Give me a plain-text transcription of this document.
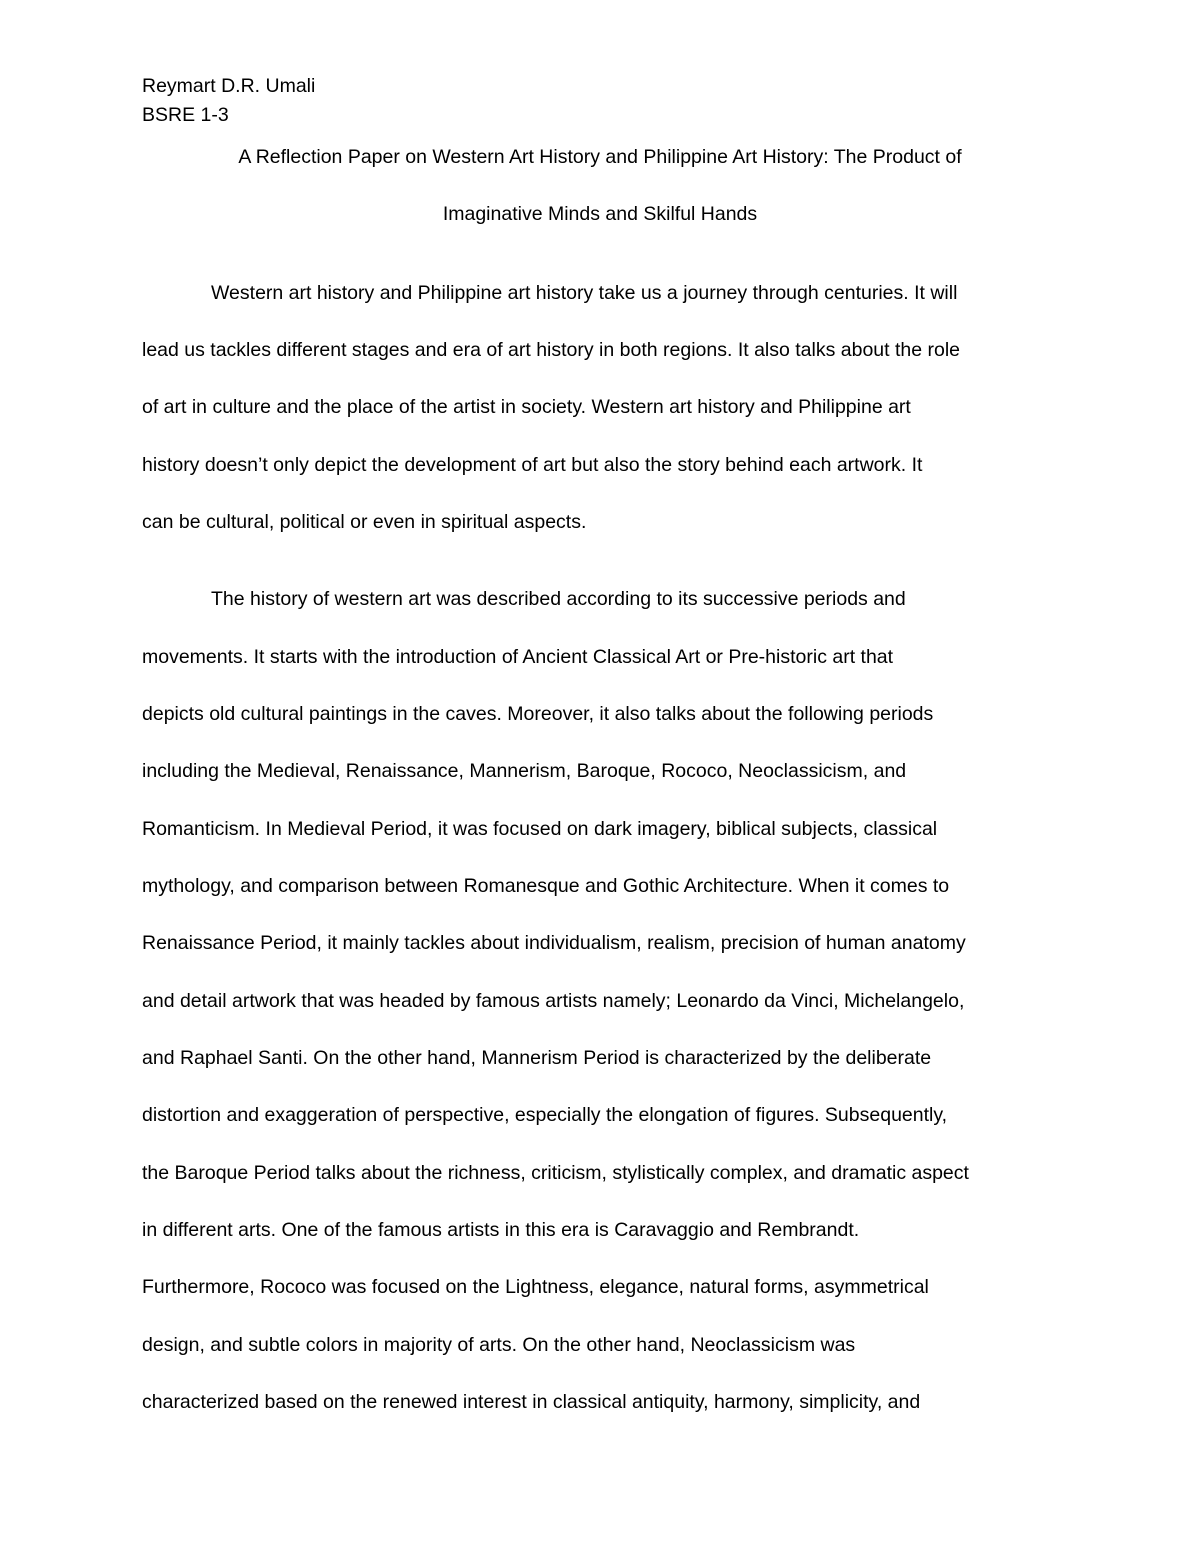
Reymart D.R. Umali
BSRE 1-3
A Reflection Paper on Western Art History and Philippine Art History: The Product of
Imaginative Minds and Skilful Hands
Western art history and Philippine art history take us a journey through centuries. It will
lead us tackles different stages and era of art history in both regions. It also talks about the role
of art in culture and the place of the artist in society. Western art history and Philippine art
history doesn’t only depict the development of art but also the story behind each artwork. It
can be cultural, political or even in spiritual aspects.
The history of western art was described according to its successive periods and
movements. It starts with the introduction of Ancient Classical Art or Pre-historic art that
depicts old cultural paintings in the caves. Moreover, it also talks about the following periods
including the Medieval, Renaissance, Mannerism, Baroque, Rococo, Neoclassicism, and
Romanticism. In Medieval Period, it was focused on dark imagery, biblical subjects, classical
mythology, and comparison between Romanesque and Gothic Architecture. When it comes to
Renaissance Period, it mainly tackles about individualism, realism, precision of human anatomy
and detail artwork that was headed by famous artists namely; Leonardo da Vinci, Michelangelo,
and Raphael Santi. On the other hand, Mannerism Period is characterized by the deliberate
distortion and exaggeration of perspective, especially the elongation of figures. Subsequently,
the Baroque Period talks about the richness, criticism, stylistically complex, and dramatic aspect
in different arts. One of the famous artists in this era is Caravaggio and Rembrandt.
Furthermore, Rococo was focused on the Lightness, elegance, natural forms, asymmetrical
design, and subtle colors in majority of arts. On the other hand, Neoclassicism was
characterized based on the renewed interest in classical antiquity, harmony, simplicity, and
